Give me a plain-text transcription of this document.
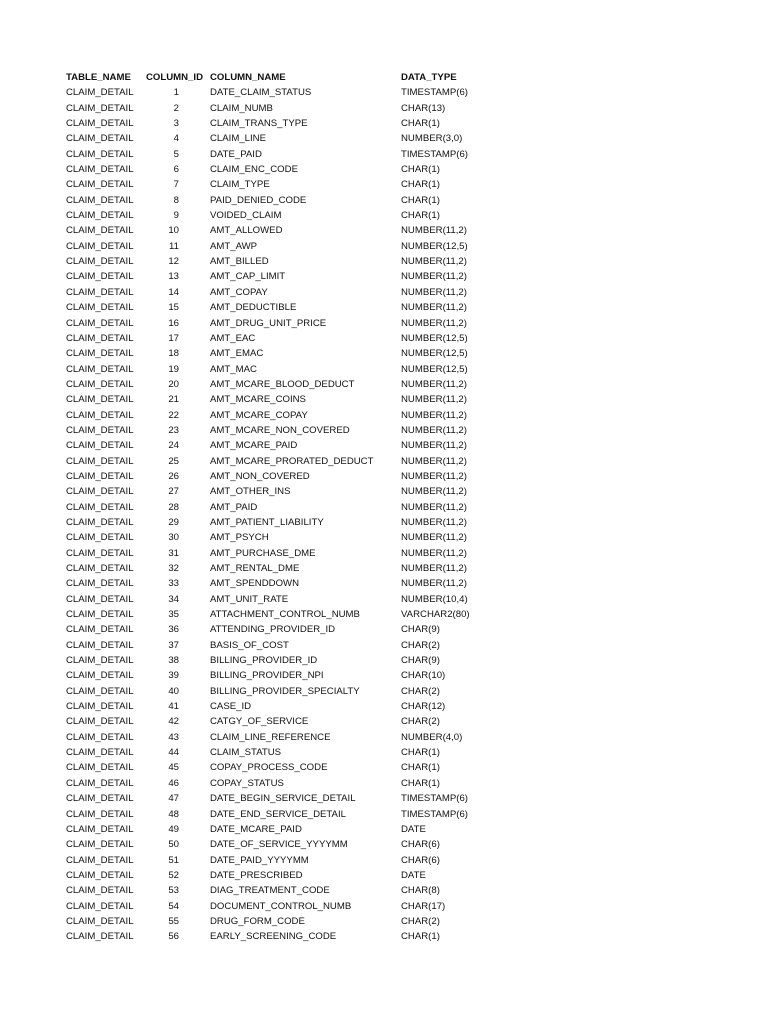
TABLE_NAME	COLUMN_ID COLUMN_NAME	DATA_TYPE
CLAIM_DETAIL	1	DATE_CLAIM_STATUS	TIMESTAMP(6)
CLAIM_DETAIL	2	CLAIM_NUMB	CHAR(13)
CLAIM_DETAIL	3	CLAIM_TRANS_TYPE	CHAR(1)
CLAIM_DETAIL	4	CLAIM_LINE	NUMBER(3,0)
CLAIM_DETAIL	5	DATE_PAID	TIMESTAMP(6)
CLAIM_DETAIL	6	CLAIM_ENC_CODE	CHAR(1)
CLAIM_DETAIL	7	CLAIM_TYPE	CHAR(1)
CLAIM_DETAIL	8	PAID_DENIED_CODE	CHAR(1)
CLAIM_DETAIL	9	VOIDED_CLAIM	CHAR(1)
CLAIM_DETAIL	10	AMT_ALLOWED	NUMBER(11,2)
CLAIM_DETAIL	11	AMT_AWP	NUMBER(12,5)
CLAIM_DETAIL	12	AMT_BILLED	NUMBER(11,2)
CLAIM_DETAIL	13	AMT_CAP_LIMIT	NUMBER(11,2)
CLAIM_DETAIL	14	AMT_COPAY	NUMBER(11,2)
CLAIM_DETAIL	15	AMT_DEDUCTIBLE	NUMBER(11,2)
CLAIM_DETAIL	16	AMT_DRUG_UNIT_PRICE	NUMBER(11,2)
CLAIM_DETAIL	17	AMT_EAC	NUMBER(12,5)
CLAIM_DETAIL	18	AMT_EMAC	NUMBER(12,5)
CLAIM_DETAIL	19	AMT_MAC	NUMBER(12,5)
CLAIM_DETAIL	20	AMT_MCARE_BLOOD_DEDUCT	NUMBER(11,2)
CLAIM_DETAIL	21	AMT_MCARE_COINS	NUMBER(11,2)
CLAIM_DETAIL	22	AMT_MCARE_COPAY	NUMBER(11,2)
CLAIM_DETAIL	23	AMT_MCARE_NON_COVERED	NUMBER(11,2)
CLAIM_DETAIL	24	AMT_MCARE_PAID	NUMBER(11,2)
CLAIM_DETAIL	25	AMT_MCARE_PRORATED_DEDUCT	NUMBER(11,2)
CLAIM_DETAIL	26	AMT_NON_COVERED	NUMBER(11,2)
CLAIM_DETAIL	27	AMT_OTHER_INS	NUMBER(11,2)
CLAIM_DETAIL	28	AMT_PAID	NUMBER(11,2)
CLAIM_DETAIL	29	AMT_PATIENT_LIABILITY	NUMBER(11,2)
CLAIM_DETAIL	30	AMT_PSYCH	NUMBER(11,2)
CLAIM_DETAIL	31	AMT_PURCHASE_DME	NUMBER(11,2)
CLAIM_DETAIL	32	AMT_RENTAL_DME	NUMBER(11,2)
CLAIM_DETAIL	33	AMT_SPENDDOWN	NUMBER(11,2)
CLAIM_DETAIL	34	AMT_UNIT_RATE	NUMBER(10,4)
CLAIM_DETAIL	35	ATTACHMENT_CONTROL_NUMB	VARCHAR2(80)
CLAIM_DETAIL	36	ATTENDING_PROVIDER_ID	CHAR(9)
CLAIM_DETAIL	37	BASIS_OF_COST	CHAR(2)
CLAIM_DETAIL	38	BILLING_PROVIDER_ID	CHAR(9)
CLAIM_DETAIL	39	BILLING_PROVIDER_NPI	CHAR(10)
CLAIM_DETAIL	40	BILLING_PROVIDER_SPECIALTY	CHAR(2)
CLAIM_DETAIL	41	CASE_ID	CHAR(12)
CLAIM_DETAIL	42	CATGY_OF_SERVICE	CHAR(2)
CLAIM_DETAIL	43	CLAIM_LINE_REFERENCE	NUMBER(4,0)
CLAIM_DETAIL	44	CLAIM_STATUS	CHAR(1)
CLAIM_DETAIL	45	COPAY_PROCESS_CODE	CHAR(1)
CLAIM_DETAIL	46	COPAY_STATUS	CHAR(1)
CLAIM_DETAIL	47	DATE_BEGIN_SERVICE_DETAIL	TIMESTAMP(6)
CLAIM_DETAIL	48	DATE_END_SERVICE_DETAIL	TIMESTAMP(6)
CLAIM_DETAIL	49	DATE_MCARE_PAID	DATE
CLAIM_DETAIL	50	DATE_OF_SERVICE_YYYYMM	CHAR(6)
CLAIM_DETAIL	51	DATE_PAID_YYYYMM	CHAR(6)
CLAIM_DETAIL	52	DATE_PRESCRIBED	DATE
CLAIM_DETAIL	53	DIAG_TREATMENT_CODE	CHAR(8)
CLAIM_DETAIL	54	DOCUMENT_CONTROL_NUMB	CHAR(17)
CLAIM_DETAIL	55	DRUG_FORM_CODE	CHAR(2)
CLAIM_DETAIL	56	EARLY_SCREENING_CODE	CHAR(1)
